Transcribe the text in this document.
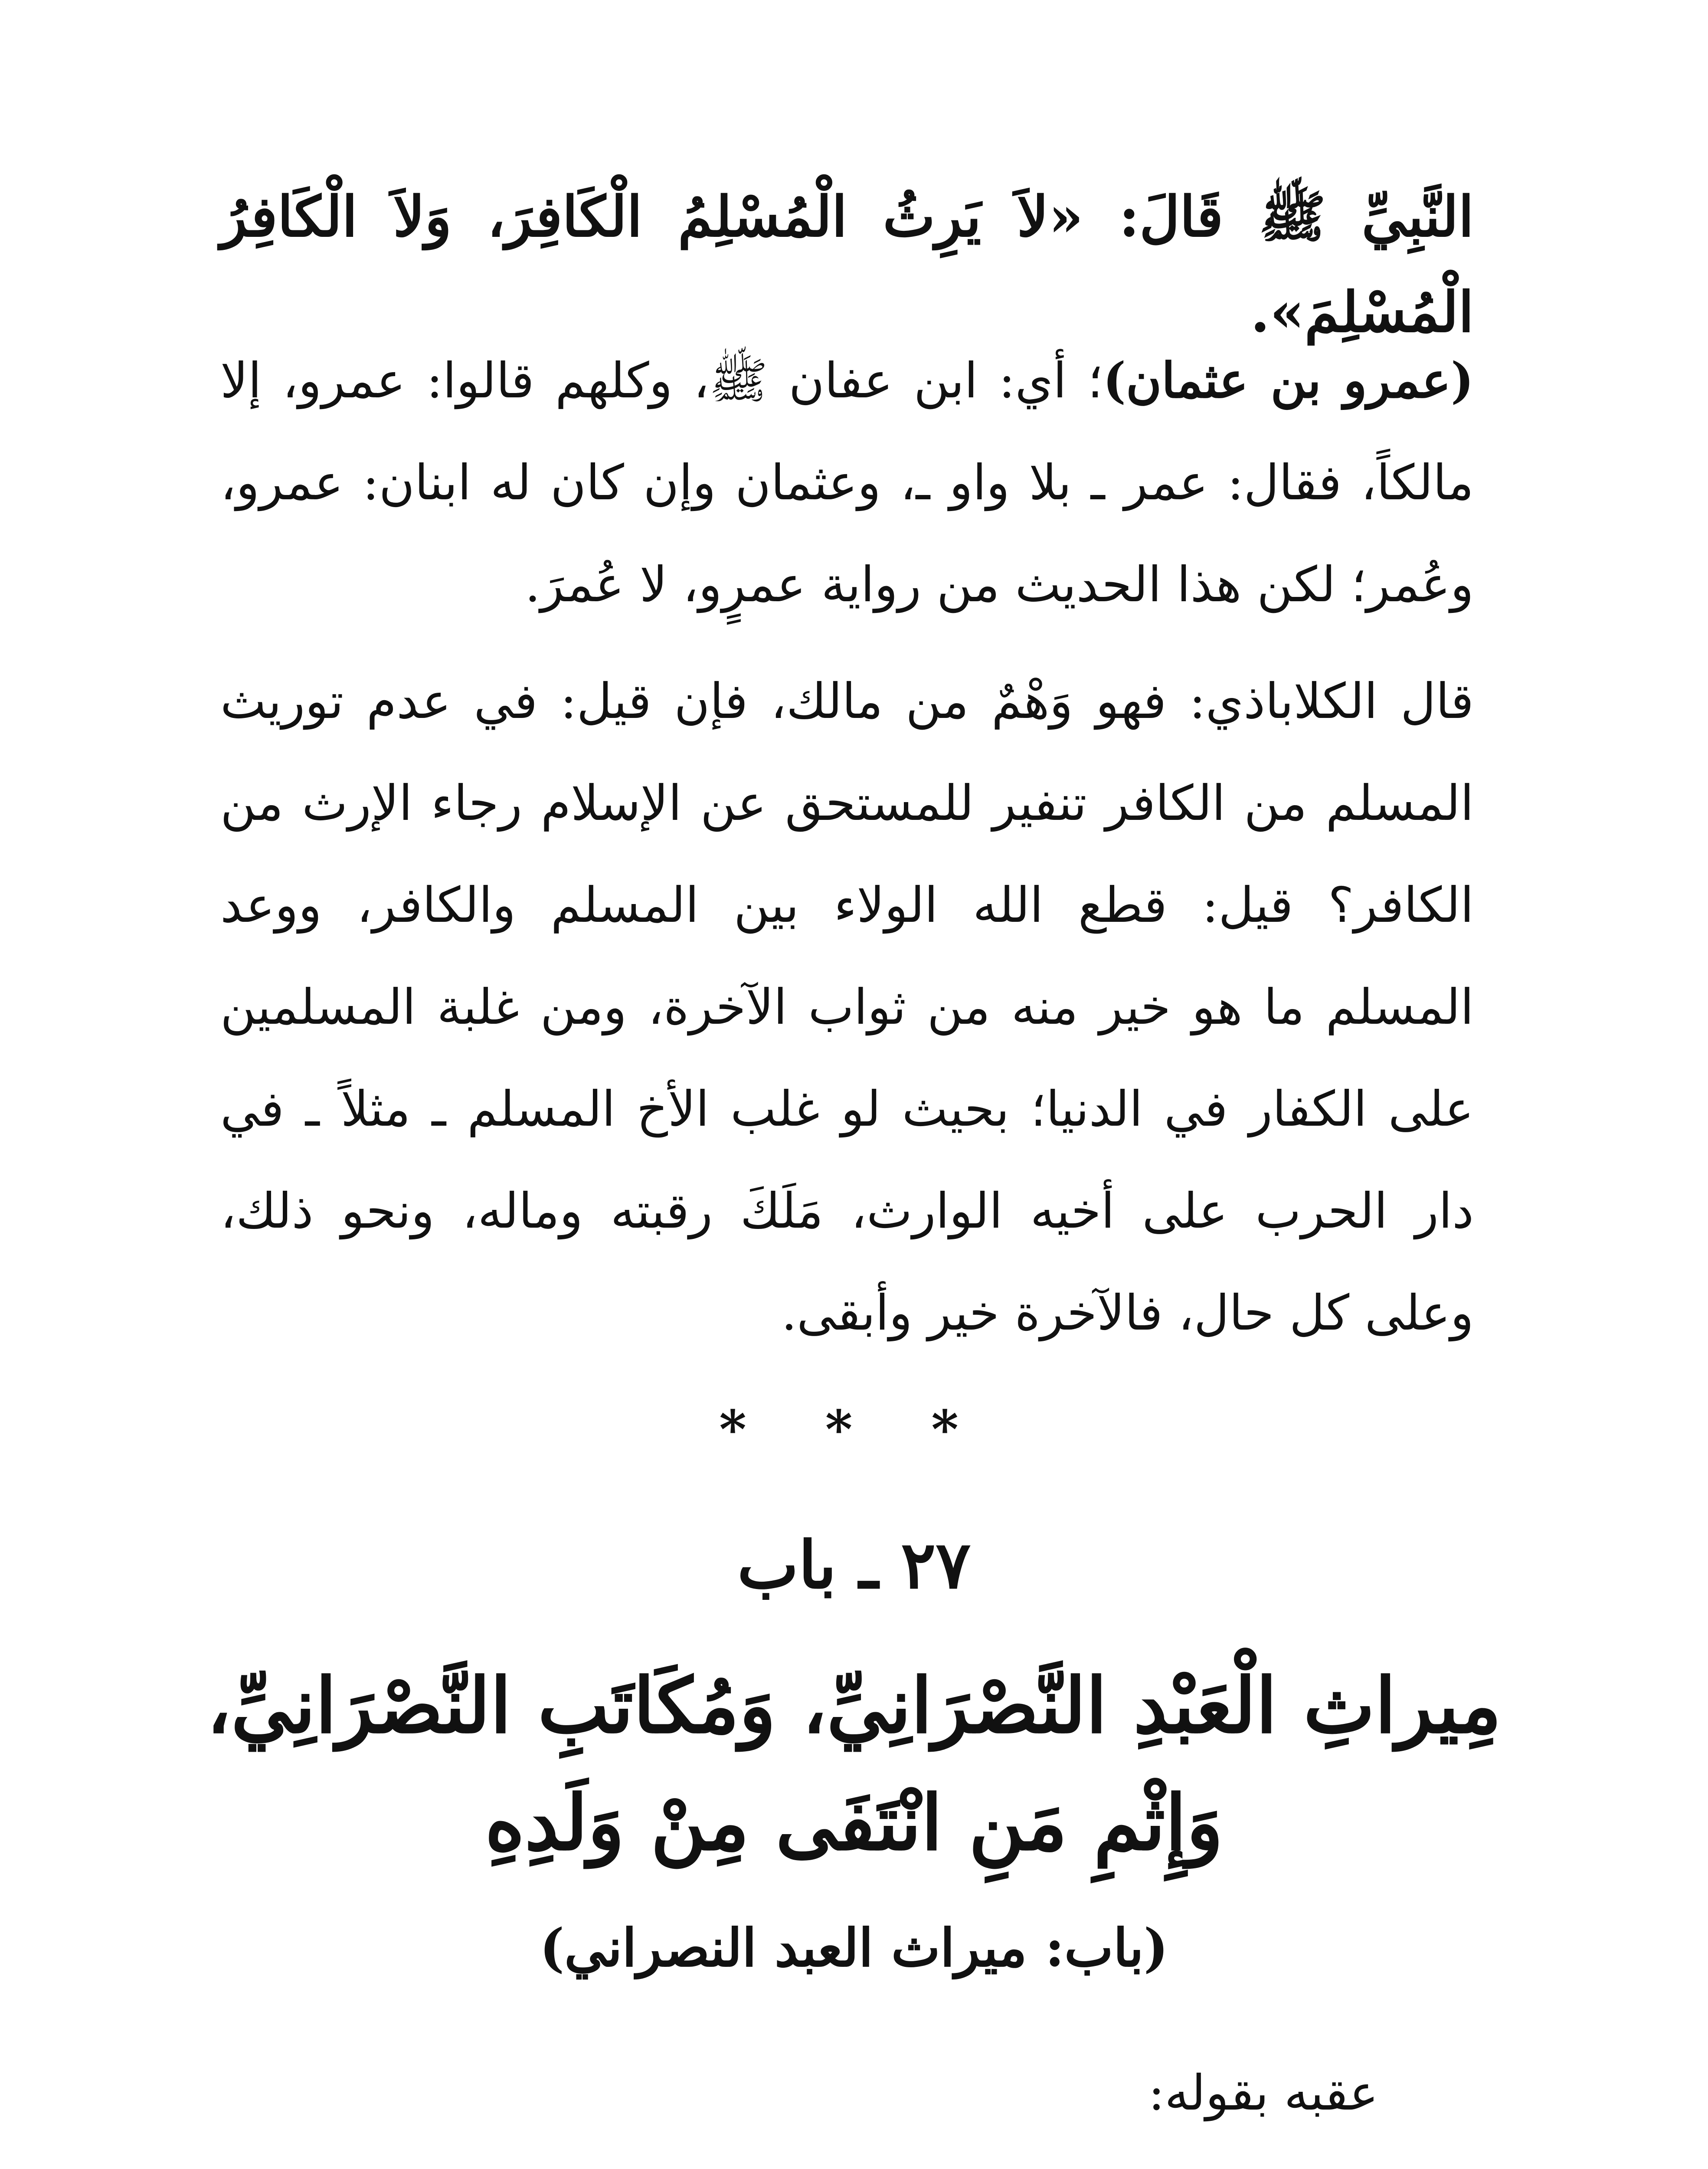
النَّبِيِّ ﷺ قَالَ: «لاَ يَرِثُ الْمُسْلِمُ الْكَافِرَ، وَلاَ الْكَافِرُ الْمُسْلِمَ».

(عمرو بن عثمان)؛ أي: ابن عفان ﷺ، وكلهم قالوا: عمرو، إلا مالكاً، فقال: عمر ـ بلا واو ـ، وعثمان وإن كان له ابنان: عمرو، وعُمر؛ لكن هذا الحديث من رواية عمرٍو، لا عُمرَ.

قال الكلاباذي: فهو وَهْمٌ من مالك، فإن قيل: في عدم توريث المسلم من الكافر تنفير للمستحق عن الإسلام رجاء الإرث من الكافر؟ قيل: قطع الله الولاء بين المسلم والكافر، ووعد المسلم ما هو خير منه من ثواب الآخرة، ومن غلبة المسلمين على الكفار في الدنيا؛ بحيث لو غلب الأخ المسلم ـ مثلاً ـ في دار الحرب على أخيه الوارث، مَلَكَ رقبته وماله، ونحو ذلك، وعلى كل حال، فالآخرة خير وأبقى.

* * *
٢٧ ـ باب
مِيراثِ الْعَبْدِ النَّصْرَانِيِّ، وَمُكَاتَبِ النَّصْرَانِيِّ،
وَإِثْمِ مَنِ انْتَفَى مِنْ وَلَدِهِ
(باب: ميراث العبد النصراني)
عقبه بقوله:
